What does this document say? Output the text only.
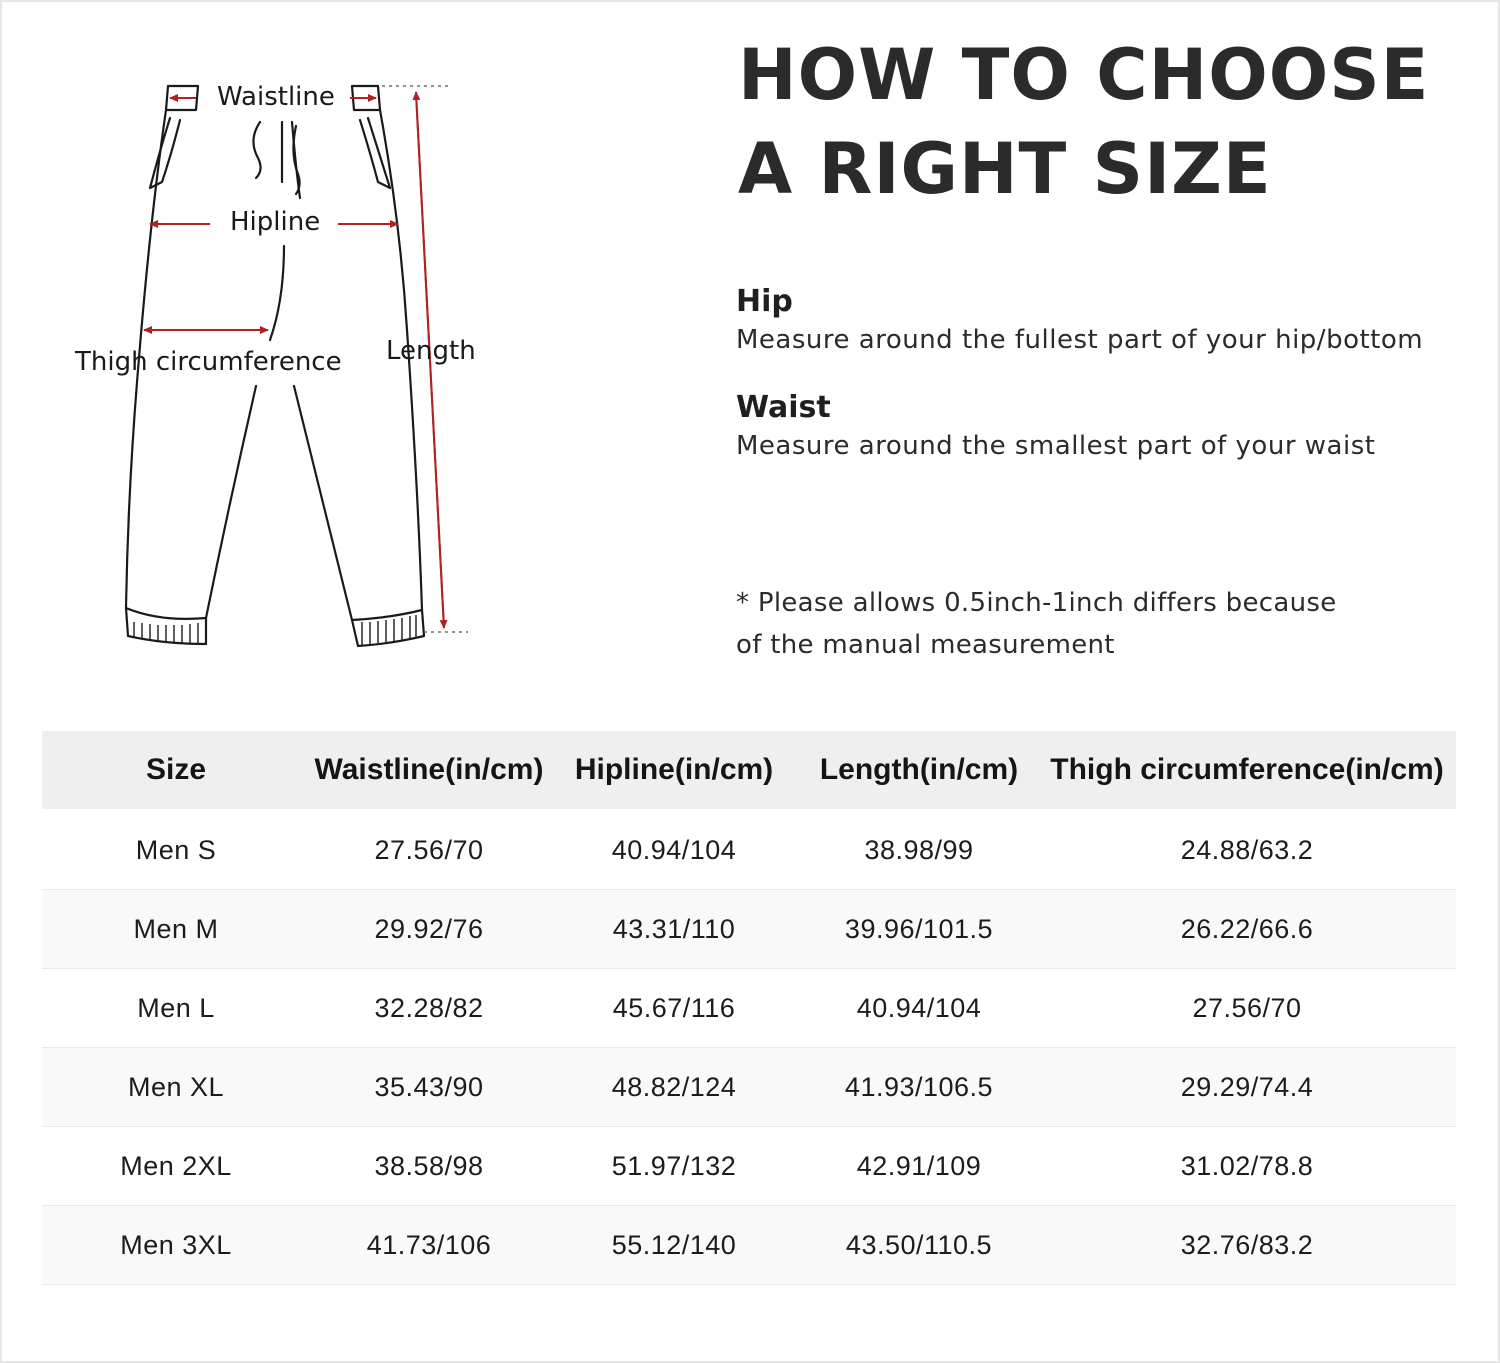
Waistline
Hipline
Thigh circumference Length
HOW TO CHOOSE
A RIGHT SIZE
Hip
Measure around the fullest part of your hip/bottom
Waist
Measure around the smallest part of your waist
* Please allows 0.5inch-1inch differs because
of the manual measurement
Size	Waistline(in/cm)	Hipline(in/cm)	Length(in/cm)	Thigh circumference(in/cm)
Men S	27.56/70	40.94/104	38.98/99	24.88/63.2
Men M	29.92/76	43.31/110	39.96/101.5	26.22/66.6
Men L	32.28/82	45.67/116	40.94/104	27.56/70
Men XL	35.43/90	48.82/124	41.93/106.5	29.29/74.4
Men 2XL	38.58/98	51.97/132	42.91/109	31.02/78.8
Men 3XL	41.73/106	55.12/140	43.50/110.5	32.76/83.2
